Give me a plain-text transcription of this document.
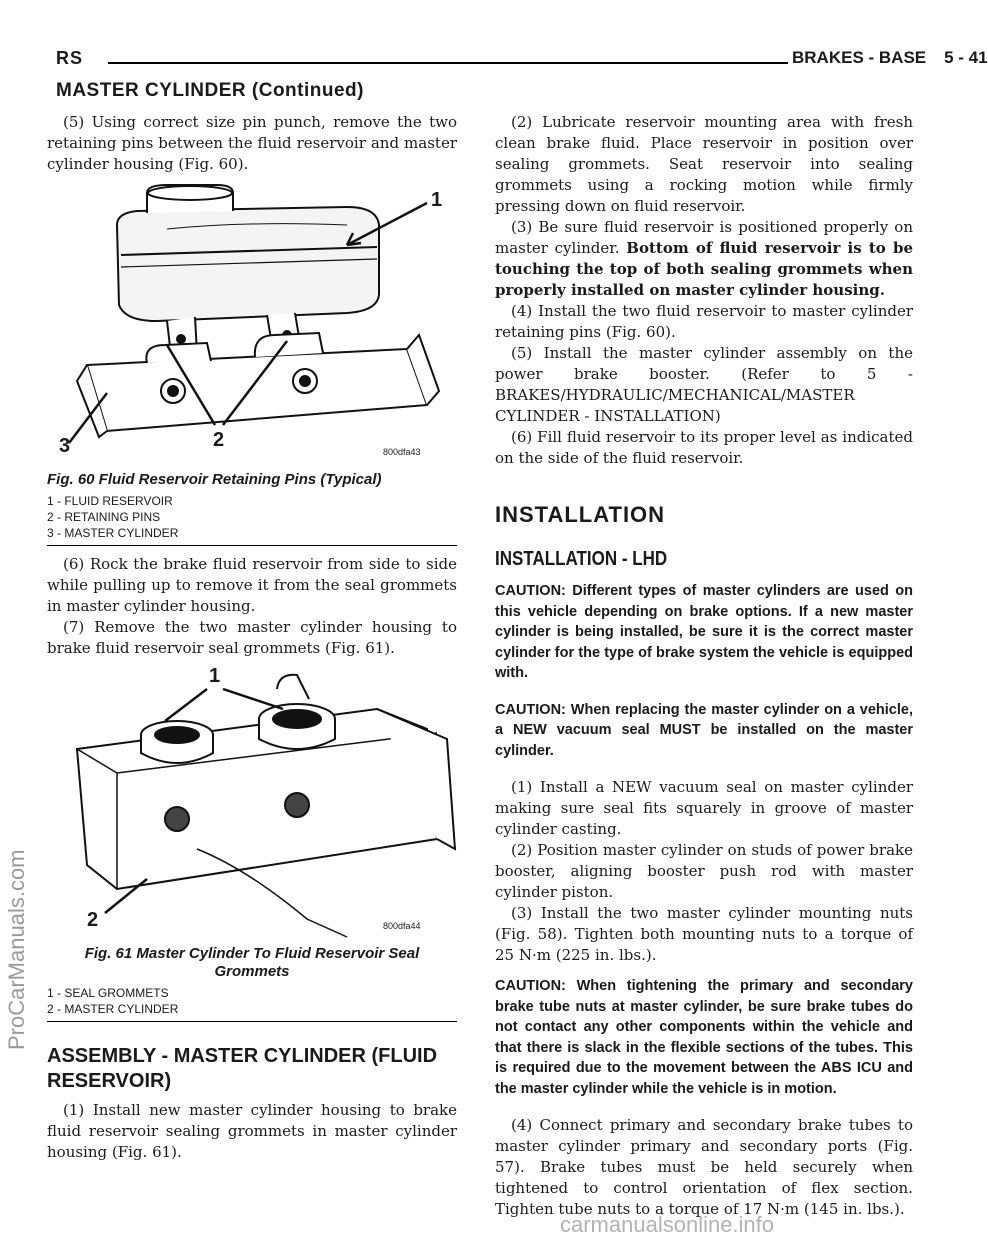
RS	BRAKES - BASE 5 - 41
MASTER CYLINDER (Continued)

(5) Using correct size pin punch, remove the two retaining pins between the fluid reservoir and master cylinder housing (Fig. 60).

1
2
3	800dfa43
Fig. 60 Fluid Reservoir Retaining Pins (Typical)
1 - FLUID RESERVOIR
2 - RETAINING PINS
3 - MASTER CYLINDER

(6) Rock the brake fluid reservoir from side to side while pulling up to remove it from the seal grommets in master cylinder housing.

(7) Remove the two master cylinder housing to brake fluid reservoir seal grommets (Fig. 61).

1
2	800dfa44
Fig. 61 Master Cylinder To Fluid Reservoir Seal
Grommets
1 - SEAL GROMMETS
2 - MASTER CYLINDER
ASSEMBLY - MASTER CYLINDER (FLUID RESERVOIR)

(1) Install new master cylinder housing to brake fluid reservoir sealing grommets in master cylinder housing (Fig. 61).

(2) Lubricate reservoir mounting area with fresh clean brake fluid. Place reservoir in position over sealing grommets. Seat reservoir into sealing grommets using a rocking motion while firmly pressing down on fluid reservoir.

(3) Be sure fluid reservoir is positioned properly on master cylinder. Bottom of fluid reservoir is to be touching the top of both sealing grommets when properly installed on master cylinder housing.

(4) Install the two fluid reservoir to master cylinder retaining pins (Fig. 60).

(5) Install the master cylinder assembly on the power brake booster. (Refer to 5 - BRAKES/HYDRAULIC/MECHANICAL/MASTER CYLINDER - INSTALLATION)

(6) Fill fluid reservoir to its proper level as indicated on the side of the fluid reservoir.

INSTALLATION
INSTALLATION - LHD
CAUTION: Different types of master cylinders are used on this vehicle depending on brake options. If a new master cylinder is being installed, be sure it is the correct master cylinder for the type of brake system the vehicle is equipped with.
CAUTION: When replacing the master cylinder on a vehicle, a NEW vacuum seal MUST be installed on the master cylinder.

(1) Install a NEW vacuum seal on master cylinder making sure seal fits squarely in groove of master cylinder casting.

(2) Position master cylinder on studs of power brake booster, aligning booster push rod with master cylinder piston.

(3) Install the two master cylinder mounting nuts (Fig. 58). Tighten both mounting nuts to a torque of 25 N·m (225 in. lbs.).

CAUTION: When tightening the primary and secondary brake tube nuts at master cylinder, be sure brake tubes do not contact any other components within the vehicle and that there is slack in the flexible sections of the tubes. This is required due to the movement between the ABS ICU and the master cylinder while the vehicle is in motion.

(4) Connect primary and secondary brake tubes to master cylinder primary and secondary ports (Fig. 57). Brake tubes must be held securely when tightened to control orientation of flex section. Tighten tube nuts to a torque of 17 N·m (145 in. lbs.).

ProCarManuals.com
carmanualsonline.info
